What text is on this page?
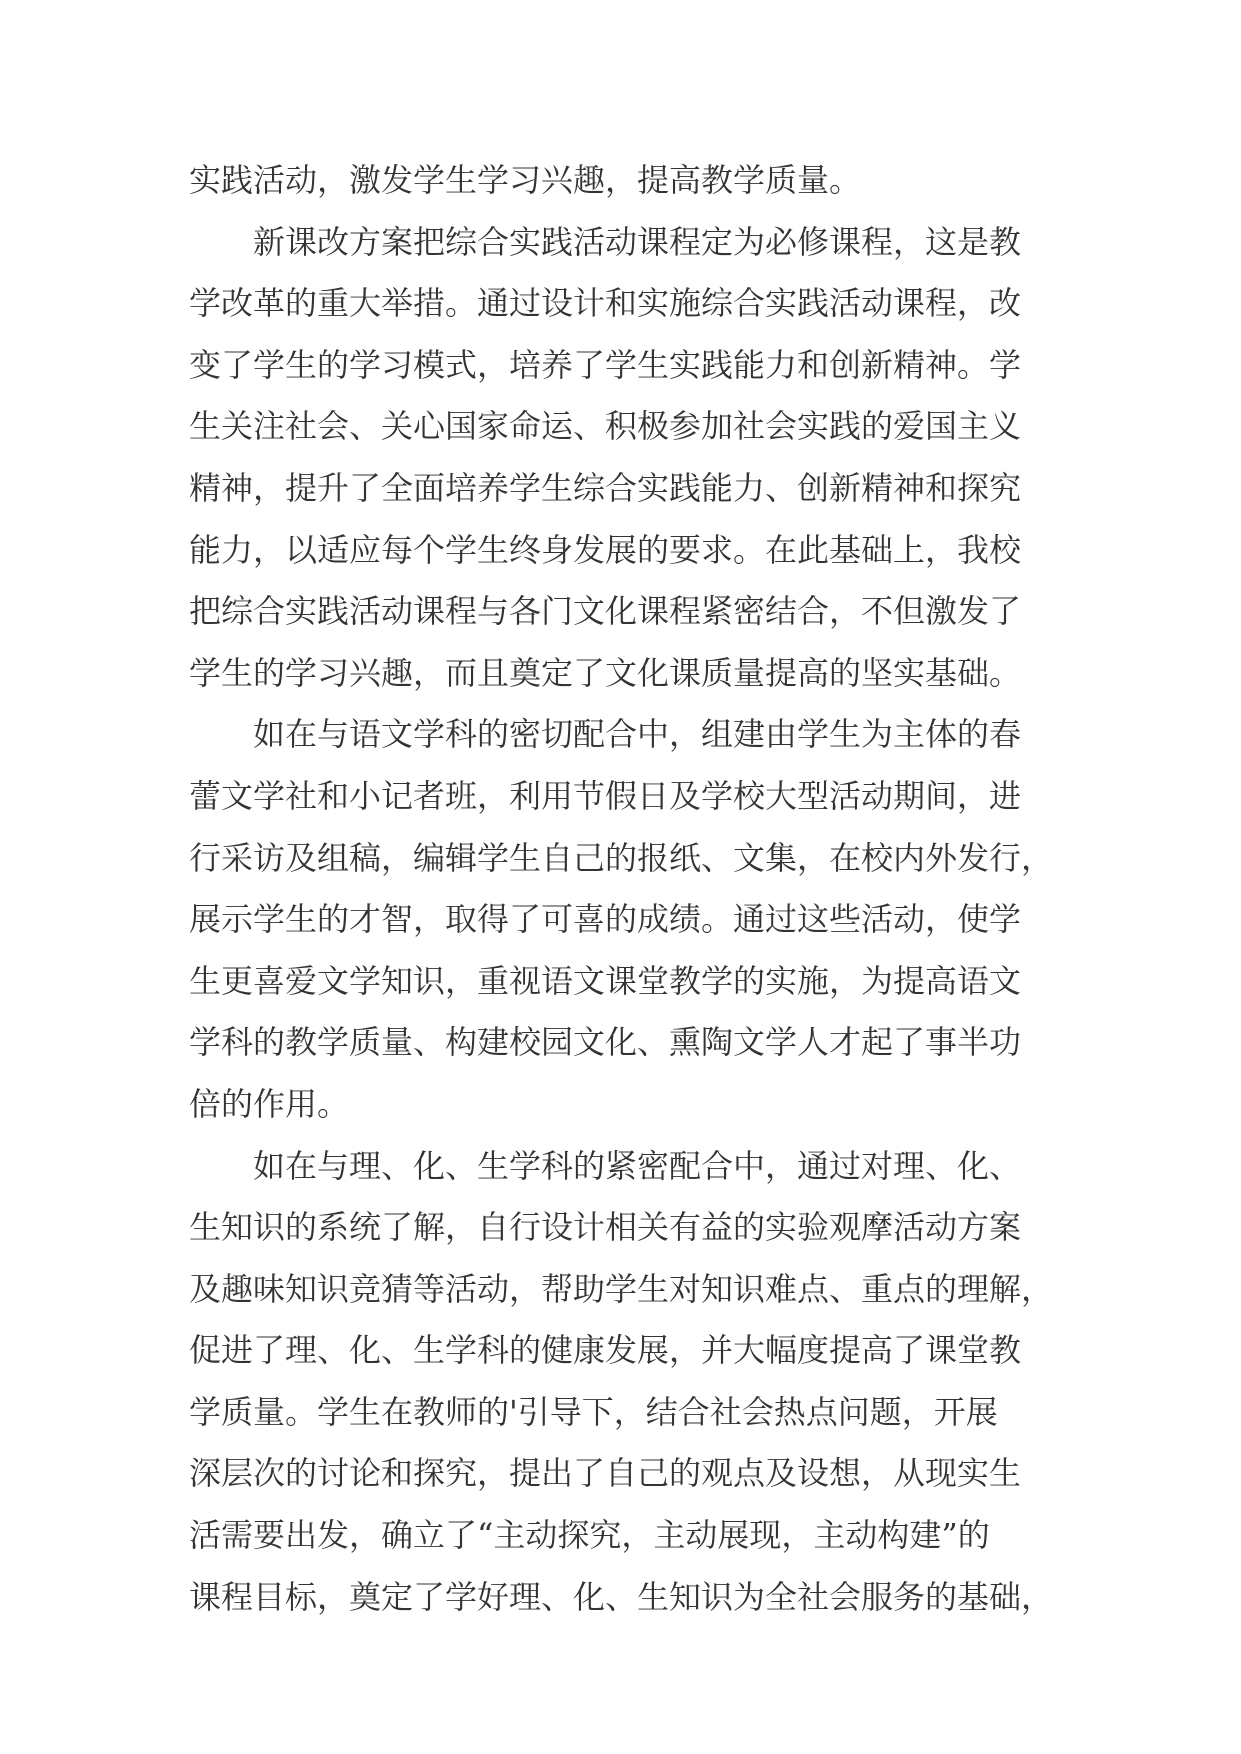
实践活动，激发学生学习兴趣，提高教学质量。
新课改方案把综合实践活动课程定为必修课程，这是教
学改革的重大举措。通过设计和实施综合实践活动课程，改
变了学生的学习模式，培养了学生实践能力和创新精神。学
生关注社会、关心国家命运、积极参加社会实践的爱国主义
精神，提升了全面培养学生综合实践能力、创新精神和探究
能力，以适应每个学生终身发展的要求。在此基础上，我校
把综合实践活动课程与各门文化课程紧密结合，不但激发了
学生的学习兴趣，而且奠定了文化课质量提高的坚实基础。
如在与语文学科的密切配合中，组建由学生为主体的春
蕾文学社和小记者班，利用节假日及学校大型活动期间，进
行采访及组稿，编辑学生自己的报纸、文集，在校内外发行，
展示学生的才智，取得了可喜的成绩。通过这些活动，使学
生更喜爱文学知识，重视语文课堂教学的实施，为提高语文
学科的教学质量、构建校园文化、熏陶文学人才起了事半功
倍的作用。
如在与理、化、生学科的紧密配合中，通过对理、化、
生知识的系统了解，自行设计相关有益的实验观摩活动方案
及趣味知识竞猜等活动，帮助学生对知识难点、重点的理解，
促进了理、化、生学科的健康发展，并大幅度提高了课堂教
学质量。学生在教师的'引导下，结合社会热点问题，开展
深层次的讨论和探究，提出了自己的观点及设想，从现实生
活需要出发，确立了“主动探究，主动展现，主动构建”的
课程目标，奠定了学好理、化、生知识为全社会服务的基础，
